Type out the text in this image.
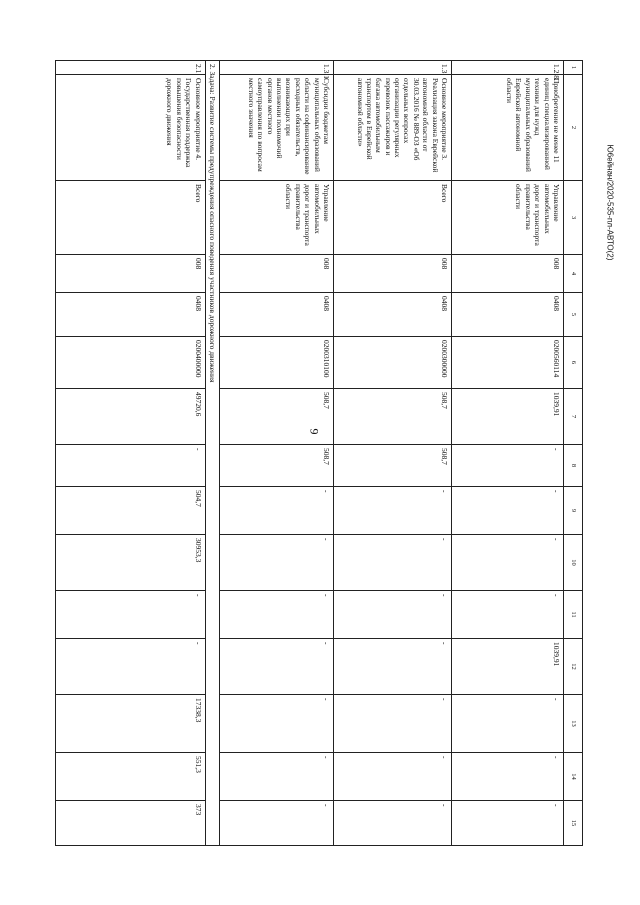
9
Ю6ейнан/2020-535-пл-АВТО(2)
1	2	3	4	5	6	7	8	9	10	11	12	13	14	15
1.2.8.	Приобретение не менее 11 единиц специализированной техники для нужд муниципальных образований Еврейской автономной области	Управление автомобильных дорог и транспорта правительства области	008	0408	0200560114	1039,91	-	-	-	-	1039,91	-	-	-
1.3	Основное мероприятие 3. Реализация закона Еврейской автономной области от 30.03.2016 № 889-ОЗ «Об отдельных вопросах организации регулярных перевозок пассажиров и багажа автомобильным транспортом в Еврейской автономной области»	Всего	008	0408	0200300000	508,7	508,7	-	-	-	-	-	-	-
1.3.1	Субсидии бюджетам муниципальных образований области на софинансирование расходных обязательств, возникающих при выполнении полномочий органов местного самоуправления по вопросам местного значения	Управление автомобильных дорог и транспорта правительства области	008	0408	0200310100	508,7	508,7	-	-	-	-	-	-	-
2. Задача: Развитие системы предупреждения опасного поведения участников дорожного движения														
2.1	Основное мероприятие 4. Государственная поддержка повышения безопасности дорожного движения	Всего	008	0408	0200400000	49720,6	-	504,7	30953,3	-	-	17338,3	551,3	373
